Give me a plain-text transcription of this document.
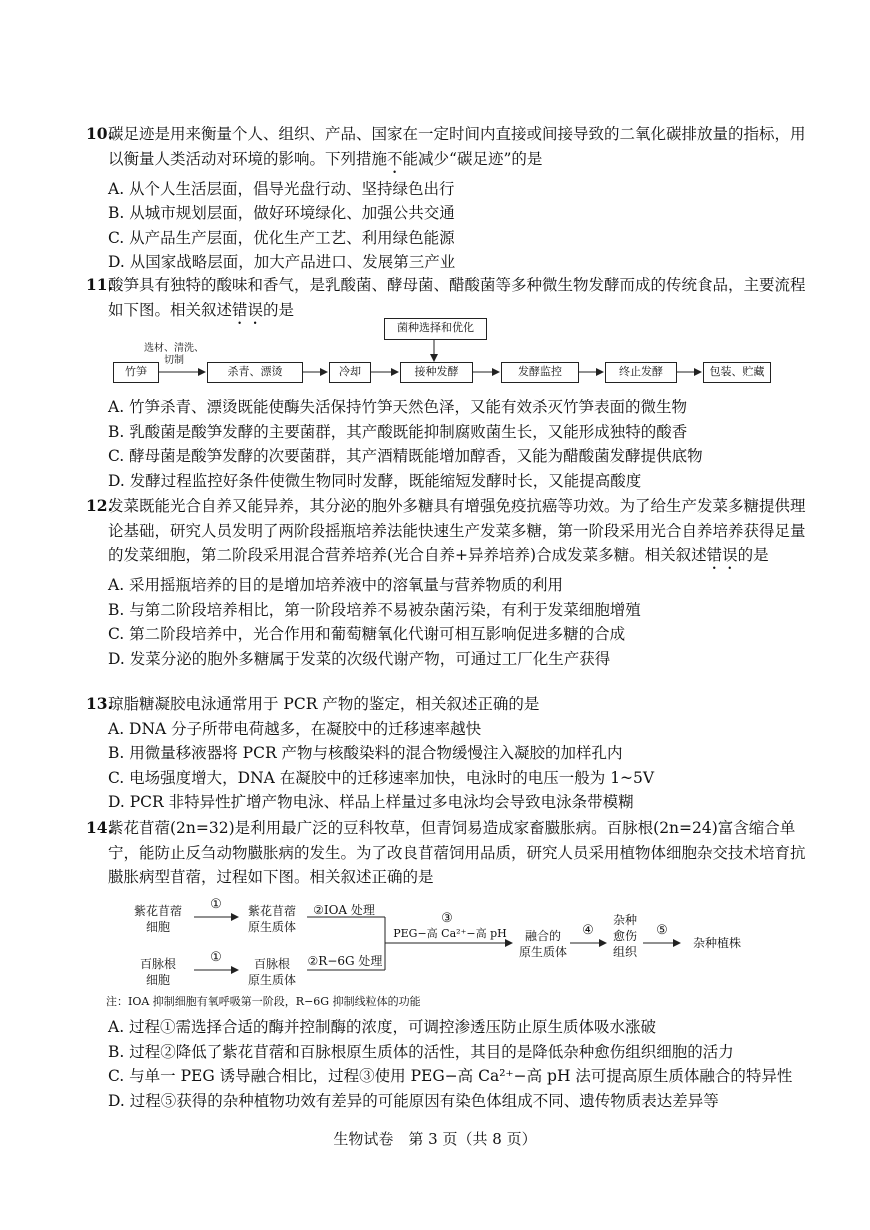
10.
碳足迹是用来衡量个人、组织、产品、国家在一定时间内直接或间接导致的二氧化碳排放量的指标，用以衡量人类活动对环境的影响。下列措施不能减少“碳足迹”的是
A. 从个人生活层面，倡导光盘行动、坚持绿色出行
B. 从城市规划层面，做好环境绿化、加强公共交通
C. 从产品生产层面，优化生产工艺、利用绿色能源
D. 从国家战略层面，加大产品进口、发展第三产业
11.
酸笋具有独特的酸味和香气，是乳酸菌、酵母菌、醋酸菌等多种微生物发酵而成的传统食品，主要流程如下图。相关叙述错误的是
菌种选择和优化
选材、清洗、切制
竹笋	杀青、漂烫	冷却	接种发酵	发酵监控	终止发酵	包装、贮藏
A. 竹笋杀青、漂烫既能使酶失活保持竹笋天然色泽，又能有效杀灭竹笋表面的微生物
B. 乳酸菌是酸笋发酵的主要菌群，其产酸既能抑制腐败菌生长，又能形成独特的酸香
C. 酵母菌是酸笋发酵的次要菌群，其产酒精既能增加醇香，又能为醋酸菌发酵提供底物
D. 发酵过程监控好条件使微生物同时发酵，既能缩短发酵时长，又能提高酸度
12.
发菜既能光合自养又能异养，其分泌的胞外多糖具有增强免疫抗癌等功效。为了给生产发菜多糖提供理论基础，研究人员发明了两阶段摇瓶培养法能快速生产发菜多糖，第一阶段采用光合自养培养获得足量的发菜细胞，第二阶段采用混合营养培养(光合自养+异养培养)合成发菜多糖。相关叙述错误的是
A. 采用摇瓶培养的目的是增加培养液中的溶氧量与营养物质的利用
B. 与第二阶段培养相比，第一阶段培养不易被杂菌污染，有利于发菜细胞增殖
C. 第二阶段培养中，光合作用和葡萄糖氧化代谢可相互影响促进多糖的合成
D. 发菜分泌的胞外多糖属于发菜的次级代谢产物，可通过工厂化生产获得
13.
琼脂糖凝胶电泳通常用于 PCR 产物的鉴定，相关叙述正确的是
A. DNA 分子所带电荷越多，在凝胶中的迁移速率越快
B. 用微量移液器将 PCR 产物与核酸染料的混合物缓慢注入凝胶的加样孔内
C. 电场强度增大，DNA 在凝胶中的迁移速率加快，电泳时的电压一般为 1~5V
D. PCR 非特异性扩增产物电泳、样品上样量过多电泳均会导致电泳条带模糊
14.
紫花苜蓿(2n=32)是利用最广泛的豆科牧草，但青饲易造成家畜臌胀病。百脉根(2n=24)富含缩合单宁，能防止反刍动物臌胀病的发生。为了改良苜蓿饲用品质，研究人员采用植物体细胞杂交技术培育抗臌胀病型苜蓿，过程如下图。相关叙述正确的是
紫花苜蓿
细胞
百脉根
细胞
①
①
紫花苜蓿
原生质体
百脉根
原生质体
②IOA 处理
②R−6G 处理
③
PEG−高 Ca²⁺−高 pH	融合的
原生质体
④
杂种
愈伤
组织
⑤
杂种植株
注：IOA 抑制细胞有氧呼吸第一阶段，R−6G 抑制线粒体的功能
A. 过程①需选择合适的酶并控制酶的浓度，可调控渗透压防止原生质体吸水涨破
B. 过程②降低了紫花苜蓿和百脉根原生质体的活性，其目的是降低杂种愈伤组织细胞的活力
C. 与单一 PEG 诱导融合相比，过程③使用 PEG−高 Ca²⁺−高 pH 法可提高原生质体融合的特异性
D. 过程⑤获得的杂种植物功效有差异的可能原因有染色体组成不同、遗传物质表达差异等
生物试卷　第 3 页（共 8 页）
